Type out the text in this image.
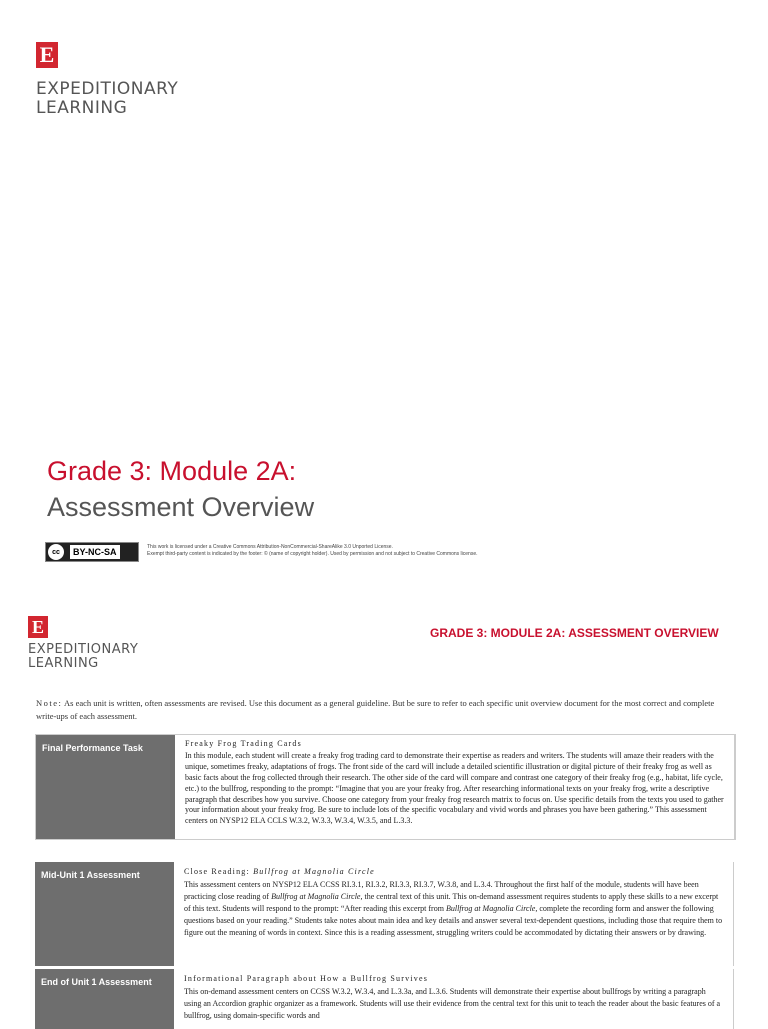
E
EXPEDITIONARY
LEARNING
Grade 3: Module 2A:
Assessment Overview
cc	BY-NC-SA	This work is licensed under a Creative Commons Attribution-NonCommercial-ShareAlike 3.0 Unported License.
Exempt third-party content is indicated by the footer: © (name of copyright holder). Used by permission and not subject to Creative Commons license.
E
EXPEDITIONARY
LEARNING
GRADE 3: MODULE 2A: ASSESSMENT OVERVIEW
Note: As each unit is written, often assessments are revised. Use this document as a general guideline. But be sure to refer to each specific unit overview document for the most correct and complete write-ups of each assessment.
Final Performance Task	Freaky Frog Trading Cards
In this module, each student will create a freaky frog trading card to demonstrate their expertise as readers and writers. The students will amaze their readers with the unique, sometimes freaky, adaptations of frogs. The front side of the card will include a detailed scientific illustration or digital picture of their freaky frog as well as basic facts about the frog collected through their research. The other side of the card will compare and contrast one category of their freaky frog (e.g., habitat, life cycle, etc.) to the bullfrog, responding to the prompt: “Imagine that you are your freaky frog. After researching informational texts on your freaky frog, write a descriptive paragraph that describes how you survive. Choose one category from your freaky frog research matrix to focus on. Use specific details from the texts you used to gather your information about your freaky frog. Be sure to include lots of the specific vocabulary and vivid words and phrases you have been gathering.” This assessment centers on NYSP12 ELA CCLS W.3.2, W.3.3, W.3.4, W.3.5, and L.3.3.
Mid-Unit 1 Assessment	Close Reading: Bullfrog at Magnolia Circle
This assessment centers on NYSP12 ELA CCSS RI.3.1, RI.3.2, RI.3.3, RI.3.7, W.3.8, and L.3.4. Throughout the first half of the module, students will have been practicing close reading of Bullfrog at Magnolia Circle, the central text of this unit. This on-demand assessment requires students to apply these skills to a new excerpt of this text. Students will respond to the prompt: “After reading this excerpt from Bullfrog at Magnolia Circle, complete the recording form and answer the following questions based on your reading.” Students take notes about main idea and key details and answer several text-dependent questions, including those that require them to figure out the meaning of words in context. Since this is a reading assessment, struggling writers could be accommodated by dictating their answers or by drawing.
End of Unit 1 Assessment	Informational Paragraph about How a Bullfrog Survives
This on-demand assessment centers on CCSS W.3.2, W.3.4, and L.3.3a, and L.3.6. Students will demonstrate their expertise about bullfrogs by writing a paragraph using an Accordion graphic organizer as a framework. Students will use their evidence from the central text for this unit to teach the reader about the basic features of a bullfrog, using domain-specific words and
